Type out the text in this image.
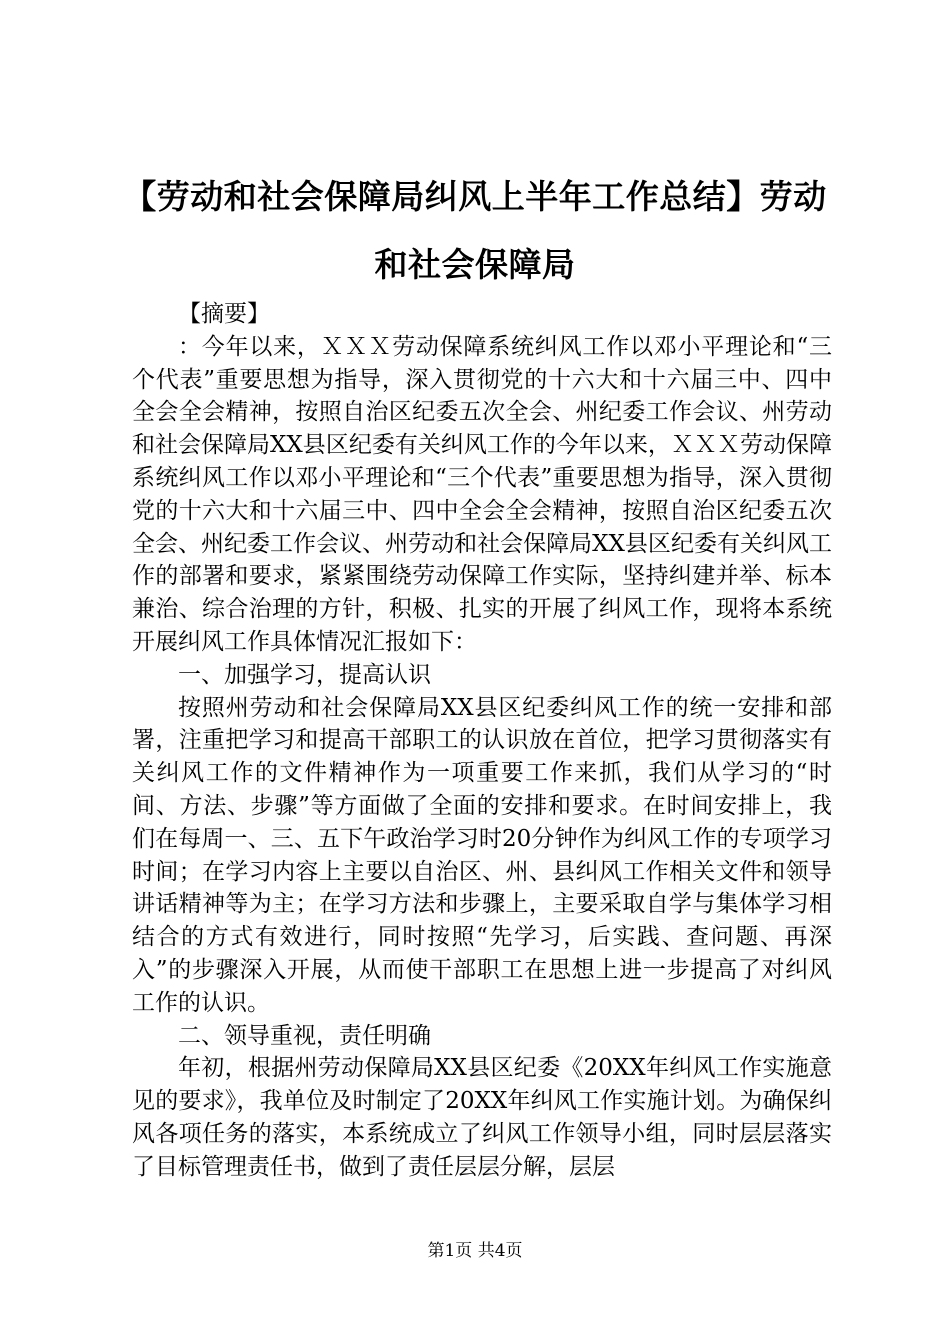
【劳动和社会保障局纠风上半年工作总结】劳动和社会保障局

【摘要】

：今年以来，ＸＸＸ劳动保障系统纠风工作以邓小平理论和“三个代表”重要思想为指导，深入贯彻党的十六大和十六届三中、四中全会全会精神，按照自治区纪委五次全会、州纪委工作会议、州劳动和社会保障局XX县区纪委有关纠风工作的今年以来，ＸＸＸ劳动保障系统纠风工作以邓小平理论和“三个代表”重要思想为指导，深入贯彻党的十六大和十六届三中、四中全会全会精神，按照自治区纪委五次全会、州纪委工作会议、州劳动和社会保障局XX县区纪委有关纠风工作的部署和要求，紧紧围绕劳动保障工作实际，坚持纠建并举、标本兼治、综合治理的方针，积极、扎实的开展了纠风工作，现将本系统开展纠风工作具体情况汇报如下：

一、加强学习，提高认识

按照州劳动和社会保障局XX县区纪委纠风工作的统一安排和部署，注重把学习和提高干部职工的认识放在首位，把学习贯彻落实有关纠风工作的文件精神作为一项重要工作来抓，我们从学习的“时间、方法、步骤”等方面做了全面的安排和要求。在时间安排上，我们在每周一、三、五下午政治学习时20分钟作为纠风工作的专项学习时间；在学习内容上主要以自治区、州、县纠风工作相关文件和领导讲话精神等为主；在学习方法和步骤上，主要采取自学与集体学习相结合的方式有效进行，同时按照“先学习，后实践、查问题、再深入”的步骤深入开展，从而使干部职工在思想上进一步提高了对纠风工作的认识。

二、领导重视，责任明确

年初，根据州劳动保障局XX县区纪委《20XX年纠风工作实施意见的要求》，我单位及时制定了20XX年纠风工作实施计划。为确保纠风各项任务的落实，本系统成立了纠风工作领导小组，同时层层落实了目标管理责任书，做到了责任层层分解，层层

第1页 共4页
